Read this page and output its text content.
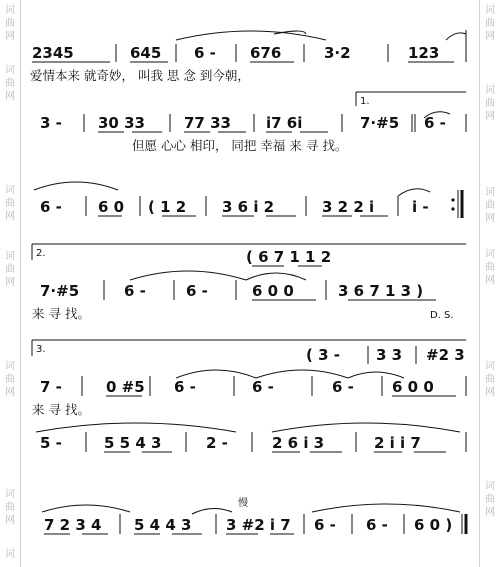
词
曲
网
词
曲
网
词
曲
网
词
曲
网
词
曲
网
词
曲
网
词
词
曲
网
词
曲
网
词
曲
网
词
曲
网
词
曲
网
词
曲
网
2345	645 6 - 676	3·2	123
爱情本来 就奇妙， 叫我 思 念 到今朝，
1.
3 - 30 33	77 33 i7 6i	7·#5 6 -
但愿 心心 相印， 同把 幸福 来 寻 找。
6 - 6 0 ( 1 2 3 6 i 2	3 2 2 i	i -
2.	( 6 7 1 1 2
7·#5	6 -	6 -	6 0 0	3 6 7 1 3 )
来 寻 找。	D. S.
3.	( 3 - 3 3 #2 3
7 -	0 #5 6 -	6 -	6 -	6 0 0
来 寻 找。
5 -	5 5 4 3	2 -	2 6 i 3	2 i i 7
慢
7 2 3 4 5 4 4 3 3 #2 i 7 6 - 6 - 6 0 )
